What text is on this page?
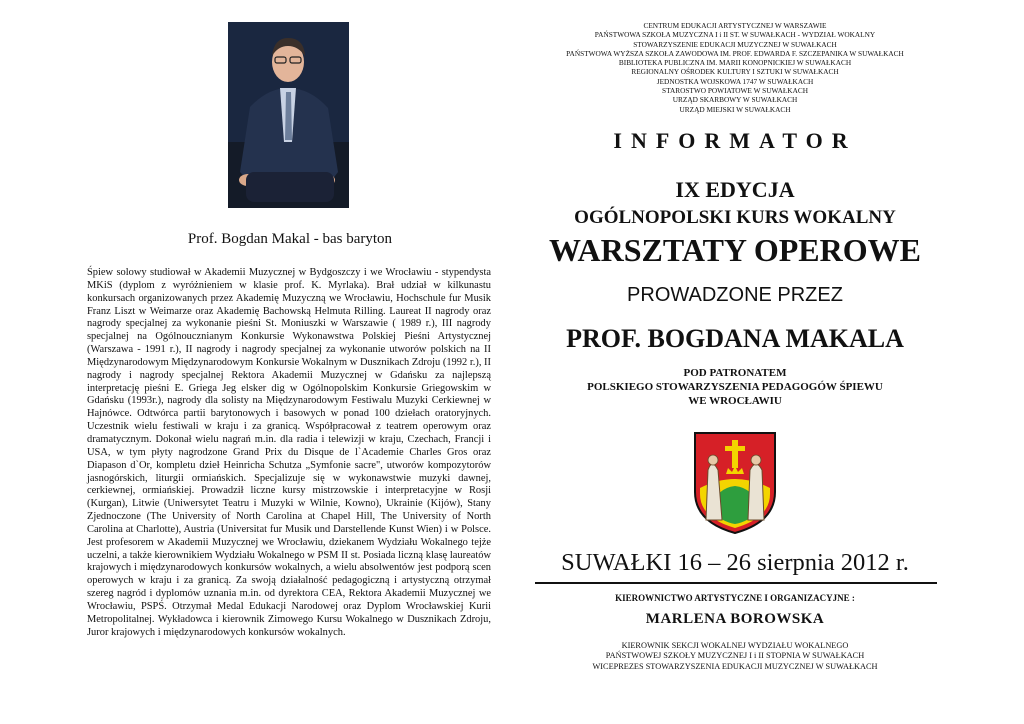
Prof. Bogdan Makal - bas baryton

Śpiew solowy studiował w Akademii Muzycznej w Bydgoszczy i we Wrocławiu - stypendysta MKiS (dyplom z wyróżnieniem w klasie prof. K. Myrlaka). Brał udział w kilkunastu konkursach organizowanych przez Akademię Muzyczną we Wrocławiu, Hochschule fur Musik Franz Liszt w Weimarze oraz Akademię Bachowską Helmuta Rilling. Laureat II nagrody oraz nagrody specjalnej za wykonanie pieśni St. Moniuszki w Warszawie ( 1989 r.), III nagrody specjalnej na Ogólnoucznianym Konkursie Wykonawstwa Polskiej Pieśni Artystycznej (Warszawa - 1991 r.), II nagrody i nagrody specjalnej za wykonanie utworów polskich na II Międzynarodowym Międzynarodowym Konkursie Wokalnym w Dusznikach Zdroju (1992 r.), II nagrody i nagrody specjalnej Rektora Akademii Muzycznej w Gdańsku za najlepszą interpretację pieśni E. Griega Jeg elsker dig w Ogólnopolskim Konkursie Griegowskim w Gdańsku (1993r.), nagrody dla solisty na Międzynarodowym Festiwalu Muzyki Cerkiewnej w Hajnówce. Odtwórca partii barytonowych i basowych w ponad 100 dziełach oratoryjnych. Uczestnik wielu festiwali w kraju i za granicą. Współpracował z teatrem operowym oraz dramatycznym. Dokonał wielu nagrań m.in. dla radia i telewizji w kraju, Czechach, Francji i USA, w tym płyty nagrodzone Grand Prix du Disque de l`Academie Charles Gros oraz Diapason d`Or, kompletu dzieł Heinricha Schutza „Symfonie sacre", utworów kompozytorów jasnogórskich, liturgii ormiańskich. Specjalizuje się w wykonawstwie muzyki dawnej, cerkiewnej, ormiańskiej. Prowadził liczne kursy mistrzowskie i interpretacyjne w Rosji (Kurgan), Litwie (Uniwersytet Teatru i Muzyki w Wilnie, Kowno), Ukrainie (Kijów), Stany Zjednoczone (The University of North Carolina at Chapel Hill, The University of North Carolina at Charlotte), Austria (Universitat fur Musik und Darstellende Kunst Wien) i w Polsce. Jest profesorem w Akademii Muzycznej we Wrocławiu, dziekanem Wydziału Wokalnego tejże uczelni, a także kierownikiem Wydziału Wokalnego w PSM II st. Posiada liczną klasę laureatów krajowych i międzynarodowych konkursów wokalnych, a wielu absolwentów jest podporą scen operowych w kraju i za granicą. Za swoją działalność pedagogiczną i artystyczną otrzymał szereg nagród i dyplomów uznania m.in. od dyrektora CEA, Rektora Akademii Muzycznej we Wrocławiu, PSPŚ. Otrzymał Medal Edukacji Narodowej oraz Dyplom Wrocławskiej Kurii Metropolitalnej. Wykładowca i kierownik Zimowego Kursu Wokalnego w Dusznikach Zdroju, Juror krajowych i międzynarodowych konkursów wokalnych.

CENTRUM EDUKACJI ARTYSTYCZNEJ W WARSZAWIE
PAŃSTWOWA SZKOŁA MUZYCZNA I i II ST. W SUWAŁKACH - WYDZIAŁ WOKALNY
STOWARZYSZENIE EDUKACJI MUZYCZNEJ W SUWAŁKACH
PAŃSTWOWA WYŻSZA SZKOŁA ZAWODOWA IM. PROF. EDWARDA F. SZCZEPANIKA W SUWAŁKACH
BIBLIOTEKA PUBLICZNA IM. MARII KONOPNICKIEJ W SUWAŁKACH
REGIONALNY OŚRODEK KULTURY I SZTUKI W SUWAŁKACH
JEDNOSTKA WOJSKOWA 1747 W SUWAŁKACH
STAROSTWO POWIATOWE W SUWAŁKACH
URZĄD SKARBOWY W SUWAŁKACH
URZĄD MIEJSKI W SUWAŁKACH
INFORMATOR
IX EDYCJA
OGÓLNOPOLSKI KURS WOKALNY
WARSZTATY OPEROWE
PROWADZONE PRZEZ
PROF. BOGDANA MAKALA
POD PATRONATEM
POLSKIEGO STOWARZYSZENIA PEDAGOGÓW ŚPIEWU
WE WROCŁAWIU
SUWAŁKI 16 – 26 sierpnia 2012 r.
KIEROWNICTWO ARTYSTYCZNE I ORGANIZACYJNE :
MARLENA BOROWSKA
KIEROWNIK SEKCJI WOKALNEJ WYDZIAŁU WOKALNEGO
PAŃSTWOWEJ SZKOŁY MUZYCZNEJ I i II STOPNIA W SUWAŁKACH
WICEPREZES STOWARZYSZENIA EDUKACJI MUZYCZNEJ W SUWAŁKACH
